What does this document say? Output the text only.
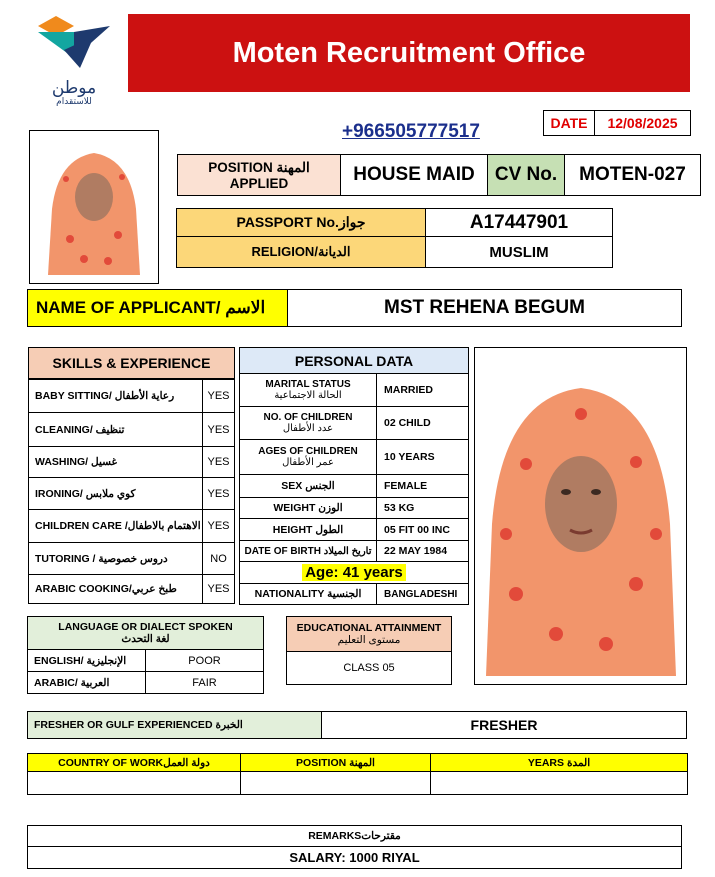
موطن
للاستقدام
Moten Recruitment Office
+966505777517	DATE	12/08/2025
POSITION المهنة APPLIED	HOUSE MAID	CV No.	MOTEN-027
PASSPORT No.جواز	A17447901
RELIGION/الديانة	MUSLIM
NAME OF APPLICANT/ الاسم	MST REHENA BEGUM
SKILLS & EXPERIENCE
BABY SITTING/ رعاية الأطفال	YES
CLEANING/ تنظيف	YES
WASHING/ غسيل	YES
IRONING/ كوي ملابس	YES
CHILDREN CARE /الاهتمام بالاطفال YES
TUTORING / دروس خصوصية	NO
ARABIC COOKING/طبخ عربي	YES
PERSONAL DATA
MARITAL STATUS
الحالة الاجتماعية	MARRIED
NO. OF CHILDREN
عدد الأطفال	02 CHILD
AGES OF CHILDREN
عمر الأطفال	10 YEARS
SEX الجنس	FEMALE
WEIGHT الوزن	53 KG
HEIGHT الطول	05 FIT 00 INC
DATE OF BIRTH تاريخ الميلاد	22 MAY 1984
Age: 41 years
NATIONALITY الجنسية	BANGLADESHI
LANGUAGE OR DIALECT SPOKEN
لغة التحدث
ENGLISH/ الإنجليزية	POOR
ARABIC/ العربية	FAIR
EDUCATIONAL ATTAINMENT
مستوى التعليم
CLASS 05
FRESHER OR GULF EXPERIENCED الخبرة	FRESHER
COUNTRY OF WORKدولة العمل	POSITION المهنة	YEARS المدة
REMARKSمقترحات
SALARY: 1000 RIYAL
